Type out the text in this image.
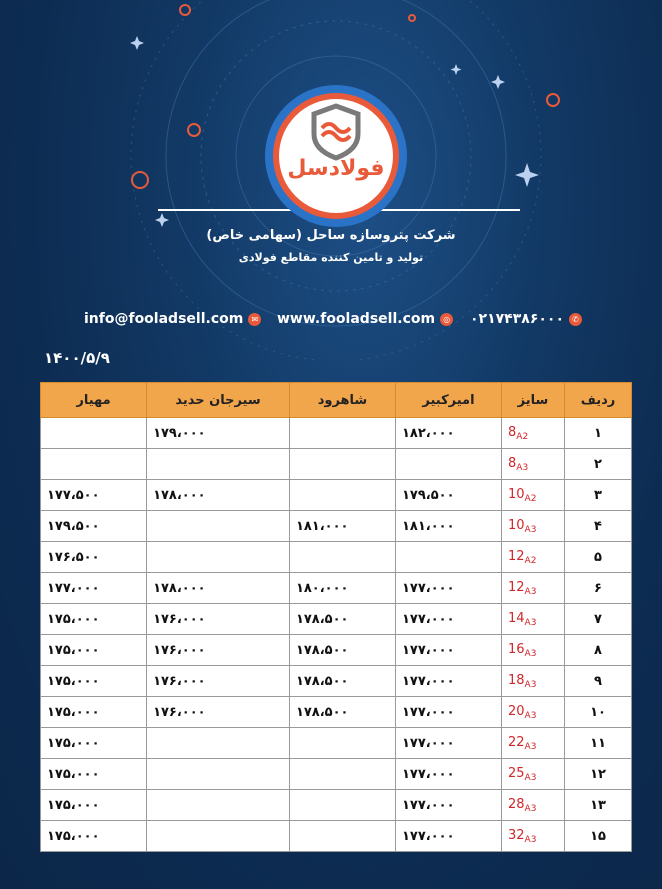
فولادسل
شرکت پتروسازه ساحل (سهامی خاص)
تولید و تامین کننده مقاطع فولادی
info@fooladsell.com	✉ www.fooladsell.com	◎ ۰۲۱۷۴۳۸۶۰۰۰	✆
۱۴۰۰/۵/۹
ردیف	سایز	امیرکبیر	شاهرود	سیرجان حدید	مهیار
۱	$8_{A2}$	۱۸۲،۰۰۰		۱۷۹،۰۰۰	
۲	$8_{A3}$				
۳	$10_{A2}$	۱۷۹،۵۰۰		۱۷۸،۰۰۰	۱۷۷،۵۰۰
۴	$10_{A3}$	۱۸۱،۰۰۰	۱۸۱،۰۰۰		۱۷۹،۵۰۰
۵	$12_{A2}$				۱۷۶،۵۰۰
۶	$12_{A3}$	۱۷۷،۰۰۰	۱۸۰،۰۰۰	۱۷۸،۰۰۰	۱۷۷،۰۰۰
۷	$14_{A3}$	۱۷۷،۰۰۰	۱۷۸،۵۰۰	۱۷۶،۰۰۰	۱۷۵،۰۰۰
۸	$16_{A3}$	۱۷۷،۰۰۰	۱۷۸،۵۰۰	۱۷۶،۰۰۰	۱۷۵،۰۰۰
۹	$18_{A3}$	۱۷۷،۰۰۰	۱۷۸،۵۰۰	۱۷۶،۰۰۰	۱۷۵،۰۰۰
۱۰	$20_{A3}$	۱۷۷،۰۰۰	۱۷۸،۵۰۰	۱۷۶،۰۰۰	۱۷۵،۰۰۰
۱۱	$22_{A3}$	۱۷۷،۰۰۰			۱۷۵،۰۰۰
۱۲	$25_{A3}$	۱۷۷،۰۰۰			۱۷۵،۰۰۰
۱۳	$28_{A3}$	۱۷۷،۰۰۰			۱۷۵،۰۰۰
۱۵	$32_{A3}$	۱۷۷،۰۰۰			۱۷۵،۰۰۰
